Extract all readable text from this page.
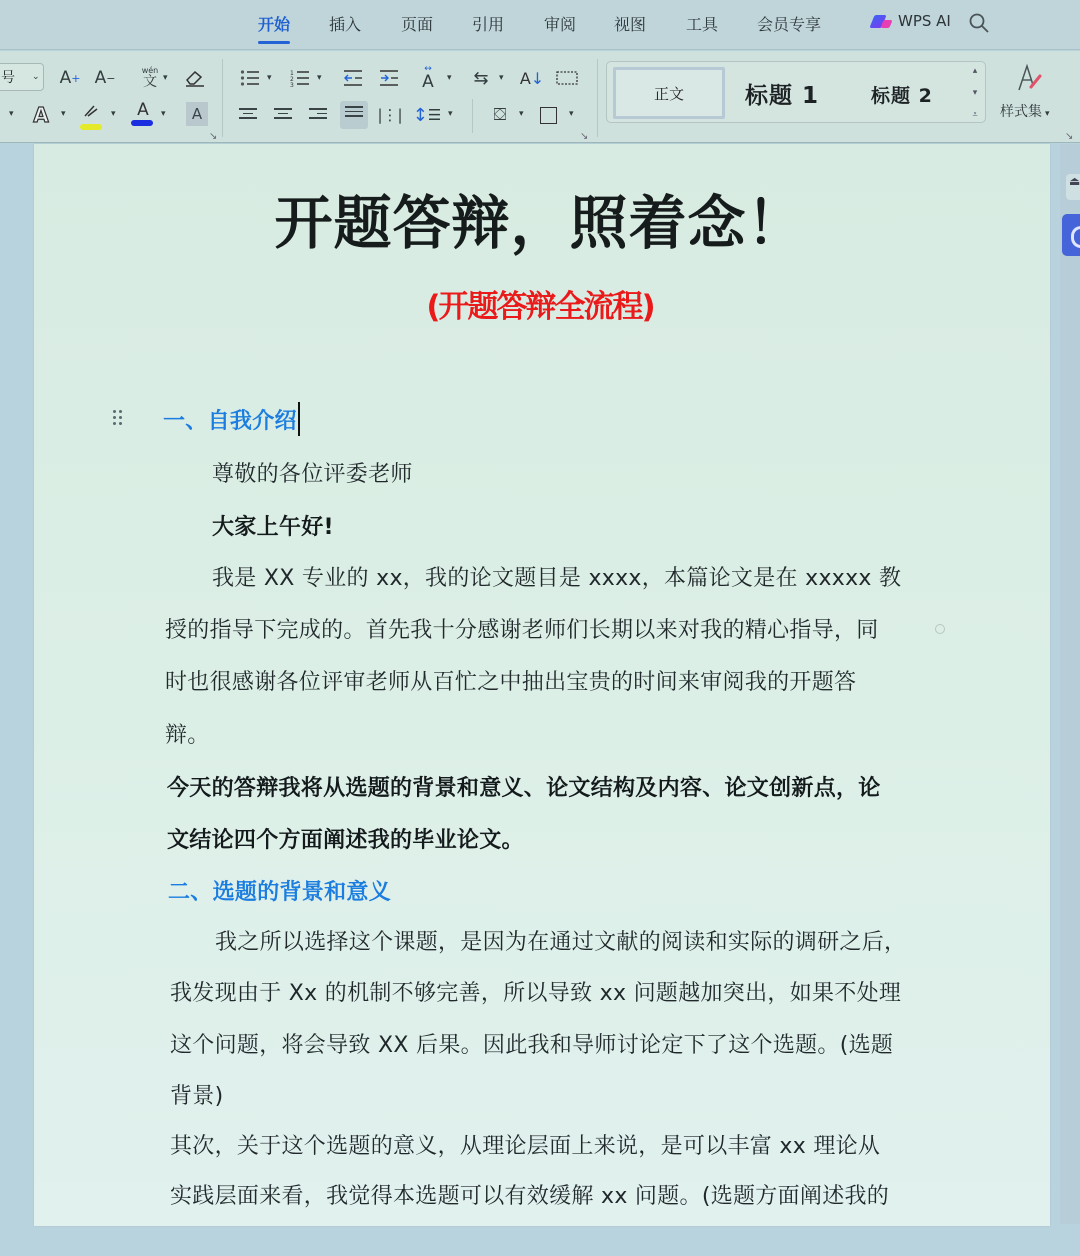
开始 插入 页面 引用 审阅 视图 工具 会员专享	WPS AI
号 ⌄ A + A −
wén
文 ▾
▾ A ▾	▾	A	▾ A
↘
▾	1
2
3
▾
↔
A ▾ ⇆ ▾ A↓
|⋮| ↕ ☰ ▾ ⛋ ▾	▾
↘
正文	标题 1	标题 2
▴
▾
⩡ 样式集 ▾
↘
⏏
开题答辩，照着念！
(开题答辩全流程)
一、自我介绍
尊敬的各位评委老师
大家上午好!
我是 XX 专业的 xx，我的论文题目是 xxxx，本篇论文是在 xxxxx 教
授的指导下完成的。首先我十分感谢老师们长期以来对我的精心指导，同
时也很感谢各位评审老师从百忙之中抽出宝贵的时间来审阅我的开题答
辩。
今天的答辩我将从选题的背景和意义、论文结构及内容、论文创新点，论
文结论四个方面阐述我的毕业论文。
二、选题的背景和意义
我之所以选择这个课题，是因为在通过文献的阅读和实际的调研之后，
我发现由于 Xx 的机制不够完善，所以导致 xx 问题越加突出，如果不处理
这个问题，将会导致 XX 后果。因此我和导师讨论定下了这个选题。(选题
背景)
其次，关于这个选题的意义，从理论层面上来说，是可以丰富 xx 理论从
实践层面来看，我觉得本选题可以有效缓解 xx 问题。(选题方面阐述我的
